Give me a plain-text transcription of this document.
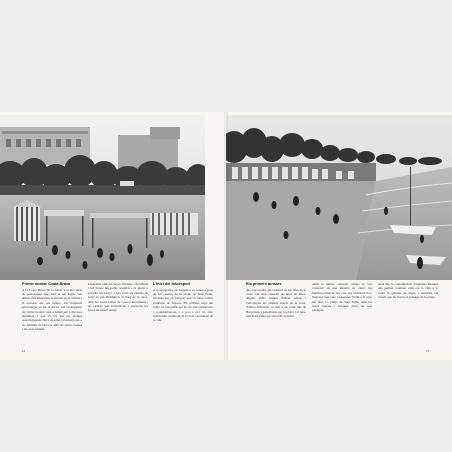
Primer doctor Costa Brava

A la Costa Brava hi va haver tota una sèrie de personatges que, amb el seu llegat, van deixar una empremta profunda en la cultura i la societat del seu temps. Un d'aquests personatges va ser el doctor que va impulsar els banys de mar com a remei per a diverses malalties, i que va fer que les platges esdevinguessin llocs de salut i d'esbarjo per a les famílies de l'època, amb les seves casetes i els seus tendals.

Ciutadans amb les seves famílies, els infants i les dones del poble acudien a la platja a prendre els banys, i ben aviat les casetes de bany es van multiplicar al llarg de la sorra, amb les seves ratlles de colors, els tendals i les cadires que convidaven a passar-hi les hores en aquell temps.

L'inici del fotoesport

A la fotografia, els banyistes es veuen a prop de les casetes de la platja de Sant Feliu, retratats per un fotògraf que va saber captar l'ambient de l'època. Els primers anys del segle, la fotografia era un art que començava a popularitzar-se, i a poc a poc va anar esdevenint testimoni de la vida quotidiana de la vila.

14
Els primers turistes

Als anys trenta, els visitants de les viles de la costa van anar creixent de mica en mica. Alguns d'ells venien d'altres països i s'allotjaven als primers hotels de la zona, d'altres arribaven en tren o en cotxe des de Barcelona, i passejaven per la platja i el port, fent fotografies per recordar l'estada.

Amb el temps, aquestes visites es van convertir en una manera de viure: les famílies tornaven any rere any al mateix lloc, llogaven una casa i passaven l'estiu a la vora del mar. La platja de Sant Feliu, amb les seves casetes i barques, n'era un bon exemple.

Avui dia, la contemplació d'aquestes imatges ens permet conèixer com era la vida a la costa fa gairebé un segle, i entendre els canvis que ha viscut el paisatge de la platja.

15
